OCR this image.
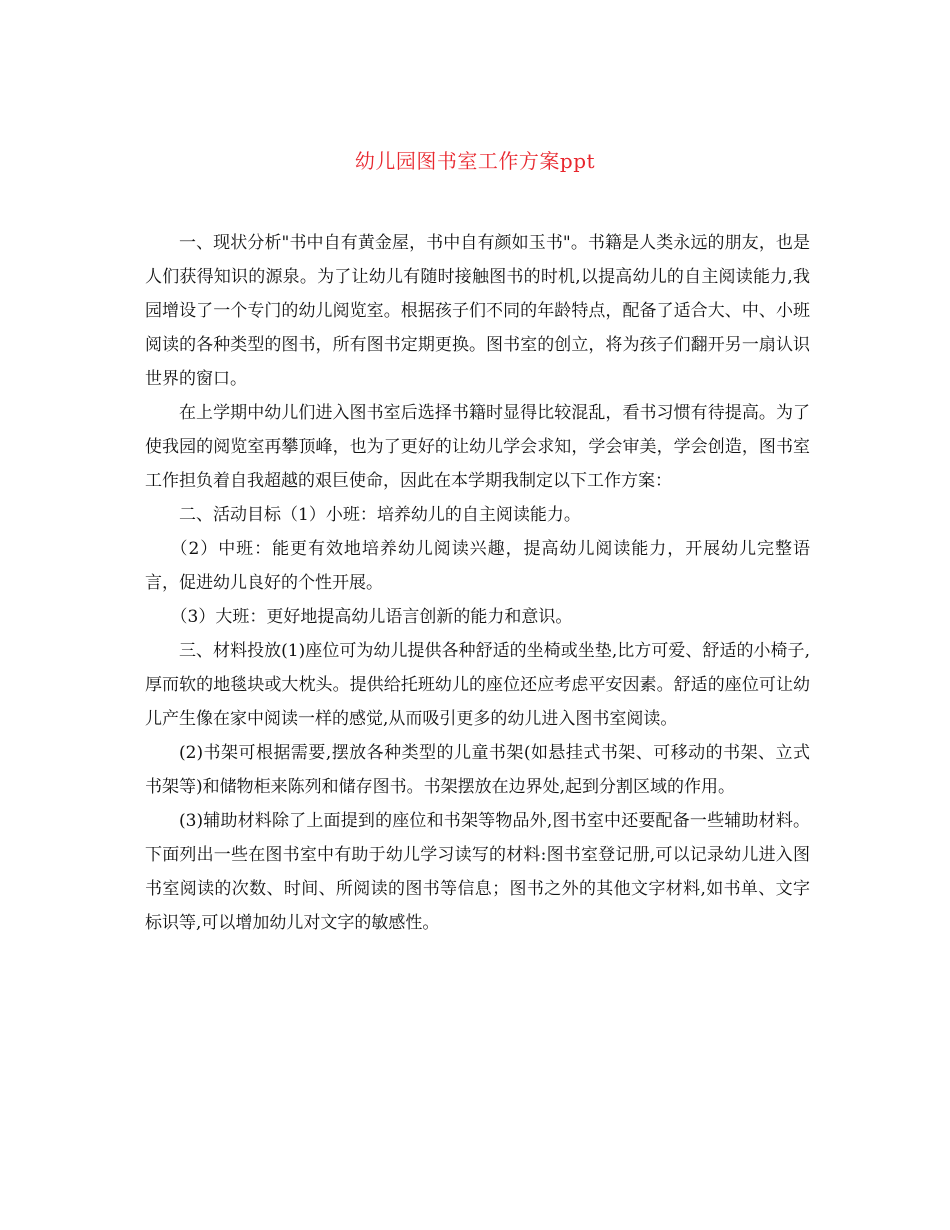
幼儿园图书室工作方案ppt

一、现状分析"书中自有黄金屋，书中自有颜如玉书"。书籍是人类永远的朋友，也是人们获得知识的源泉。为了让幼儿有随时接触图书的时机,以提高幼儿的自主阅读能力,我园增设了一个专门的幼儿阅览室。根据孩子们不同的年龄特点，配备了适合大、中、小班阅读的各种类型的图书，所有图书定期更换。图书室的创立，将为孩子们翻开另一扇认识世界的窗口。

在上学期中幼儿们进入图书室后选择书籍时显得比较混乱，看书习惯有待提高。为了使我园的阅览室再攀顶峰，也为了更好的让幼儿学会求知，学会审美，学会创造，图书室工作担负着自我超越的艰巨使命，因此在本学期我制定以下工作方案：

二、活动目标（1）小班：培养幼儿的自主阅读能力。

（2）中班：能更有效地培养幼儿阅读兴趣，提高幼儿阅读能力，开展幼儿完整语言，促进幼儿良好的个性开展。

（3）大班：更好地提高幼儿语言创新的能力和意识。

三、材料投放(1)座位可为幼儿提供各种舒适的坐椅或坐垫,比方可爱、舒适的小椅子,厚而软的地毯块或大枕头。提供给托班幼儿的座位还应考虑平安因素。舒适的座位可让幼儿产生像在家中阅读一样的感觉,从而吸引更多的幼儿进入图书室阅读。

(2)书架可根据需要,摆放各种类型的儿童书架(如悬挂式书架、可移动的书架、立式书架等)和储物柜来陈列和储存图书。书架摆放在边界处,起到分割区域的作用。

(3)辅助材料除了上面提到的座位和书架等物品外,图书室中还要配备一些辅助材料。下面列出一些在图书室中有助于幼儿学习读写的材料:图书室登记册,可以记录幼儿进入图书室阅读的次数、时间、所阅读的图书等信息；图书之外的其他文字材料,如书单、文字标识等,可以增加幼儿对文字的敏感性。
